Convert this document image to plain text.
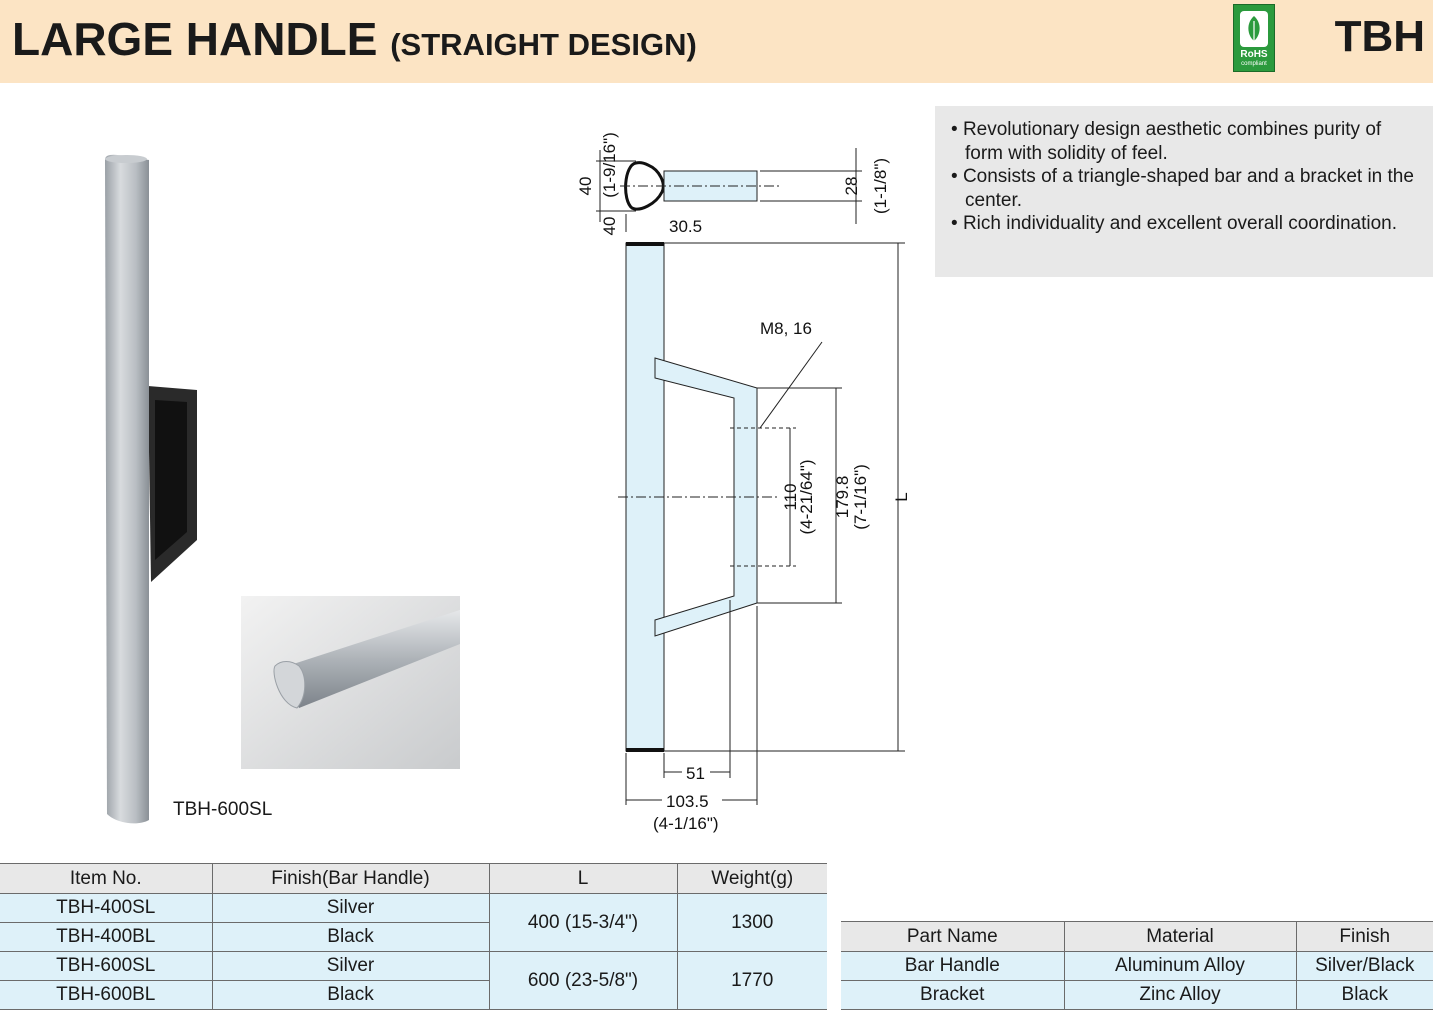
LARGE HANDLE (STRAIGHT DESIGN)	RoHS
compliant
TBH
TBH-600SL
40 (1-9/16")
40	30.5
28 (1-1/8")
M8, 16
110
(4-21/64") 179.8 (7-1/16") L
51
103.5
(4-1/16")
• Revolutionary design aesthetic combines purity of form with solidity of feel.
• Consists of a triangle-shaped bar and a bracket in the center.
• Rich individuality and excellent overall coordination.
Item No.	Finish(Bar Handle)	L	Weight(g)
TBH-400SL	Silver	400 (15-3/4")	1300
TBH-400BL	Black		
TBH-600SL	Silver	600 (23-5/8")	1770
TBH-600BL	Black		
Part Name	Material	Finish
Bar Handle	Aluminum Alloy	Silver/Black
Bracket	Zinc Alloy	Black
